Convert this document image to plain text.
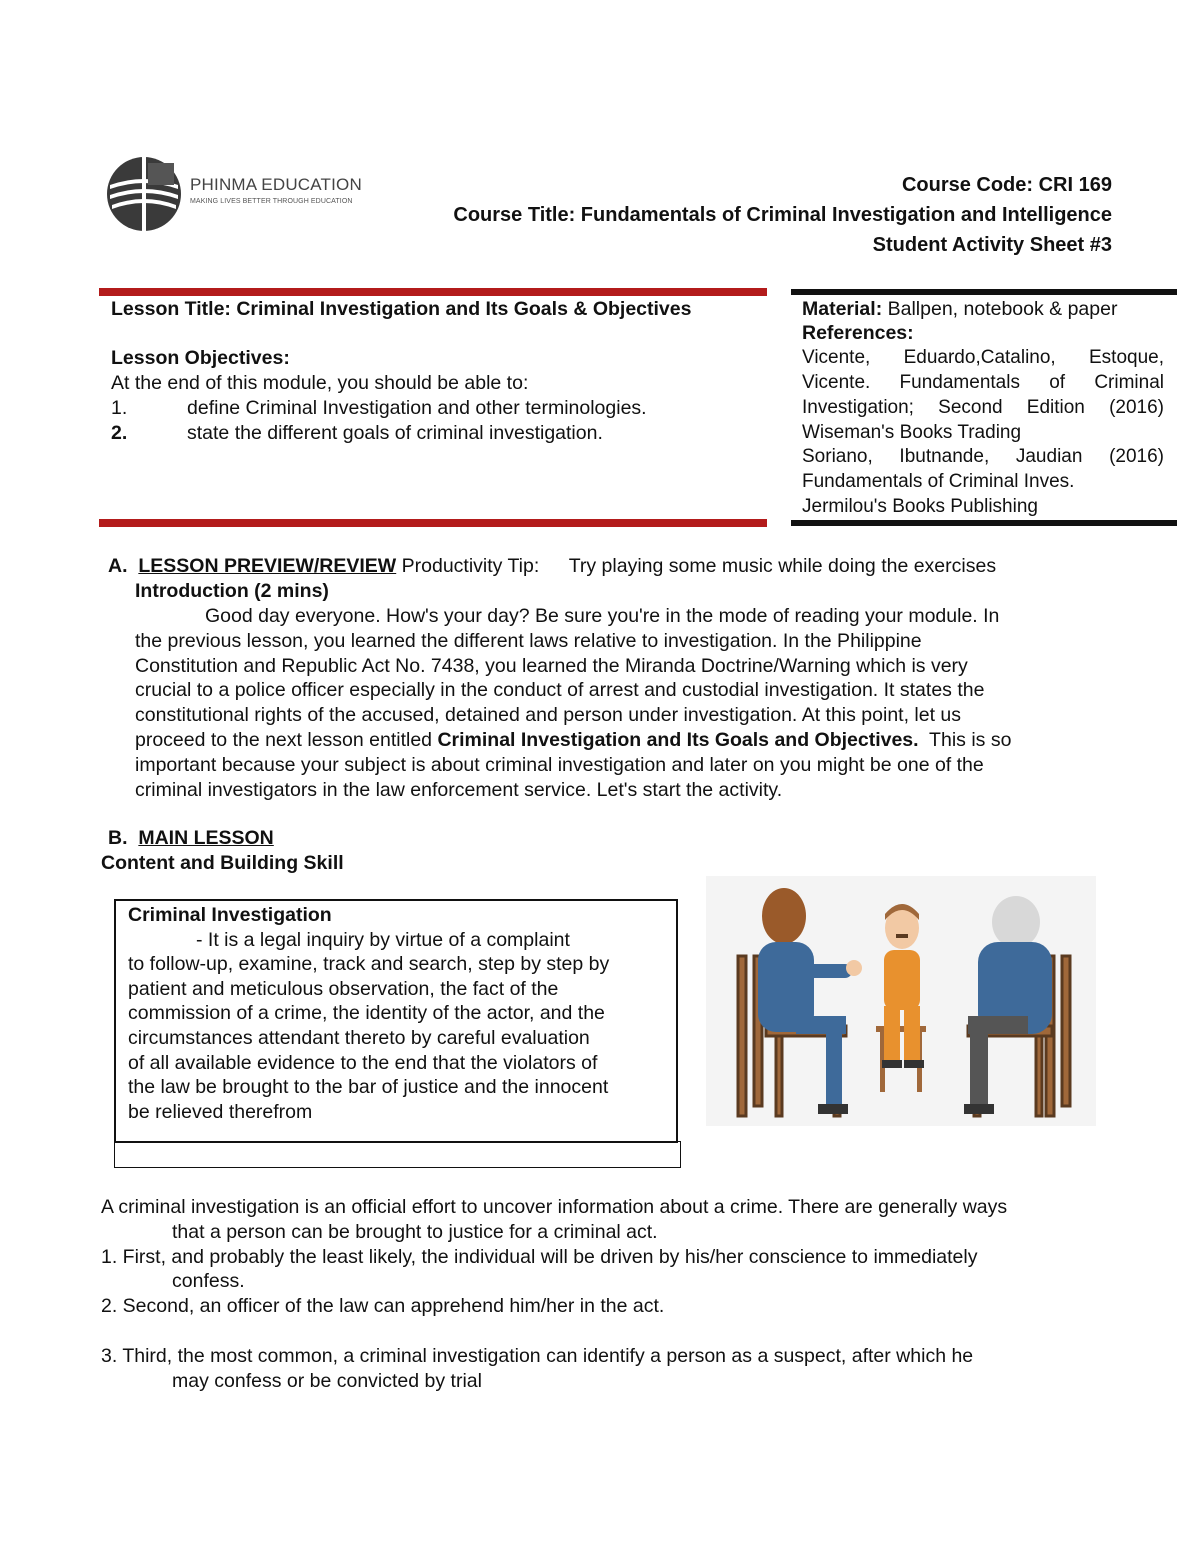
PHINMA EDUCATION
MAKING LIVES BETTER THROUGH EDUCATION
Course Code: CRI 169
Course Title: Fundamentals of Criminal Investigation and Intelligence
Student Activity Sheet #3
Lesson Title: Criminal Investigation and Its Goals & Objectives
Lesson Objectives:
At the end of this module, you should be able to:
1.	define Criminal Investigation and other terminologies.
2.	state the different goals of criminal investigation.
Material: Ballpen, notebook & paper
References:
Vicente, Eduardo,Catalino, Estoque,
Vicente. Fundamentals of Criminal
Investigation; Second Edition (2016)
Wiseman's Books Trading
Soriano, Ibutnande, Jaudian (2016)
Fundamentals of Criminal Inves.
Jermilou's Books Publishing
A. LESSON PREVIEW/REVIEW Productivity Tip: Try playing some music while doing the exercises
Introduction (2 mins)
Good day everyone. How's your day? Be sure you're in the mode of reading your module. In
the previous lesson, you learned the different laws relative to investigation. In the Philippine
Constitution and Republic Act No. 7438, you learned the Miranda Doctrine/Warning which is very
crucial to a police officer especially in the conduct of arrest and custodial investigation. It states the
constitutional rights of the accused, detained and person under investigation. At this point, let us
proceed to the next lesson entitled Criminal Investigation and Its Goals and Objectives.  This is so
important because your subject is about criminal investigation and later on you might be one of the
criminal investigators in the law enforcement service. Let's start the activity.
B. MAIN LESSON
Content and Building Skill
Criminal Investigation
- It is a legal inquiry by virtue of a complaint
to follow-up, examine, track and search, step by step by
patient and meticulous observation, the fact of the
commission of a crime, the identity of the actor, and the
circumstances attendant thereto by careful evaluation
of all available evidence to the end that the violators of
the law be brought to the bar of justice and the innocent
be relieved therefrom
A criminal investigation is an official effort to uncover information about a crime. There are generally ways
that a person can be brought to justice for a criminal act.
1. First, and probably the least likely, the individual will be driven by his/her conscience to immediately
confess.
2. Second, an officer of the law can apprehend him/her in the act.
3. Third, the most common, a criminal investigation can identify a person as a suspect, after which he
may confess or be convicted by trial
